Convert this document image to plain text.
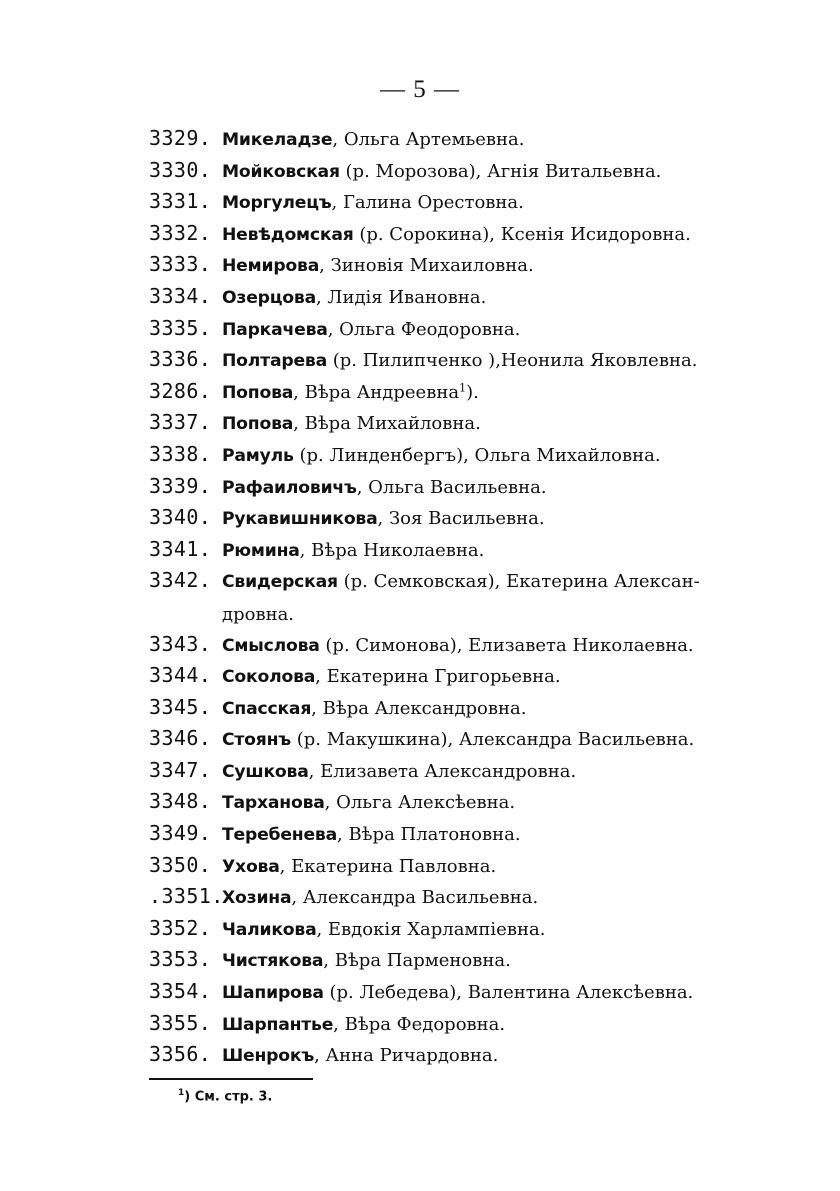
— 5 —
3329. Микеладзе, Ольга Артемьевна.
3330. Мойковская (р. Морозова), Агнія Витальевна.
3331. Моргулецъ, Галина Орестовна.
3332. Невѣдомская (р. Сорокина), Ксенія Исидоровна.
3333. Немирова, Зиновія Михаиловна.
3334. Озерцова, Лидія Ивановна.
3335. Паркачева, Ольга Феодоровна.
3336. Полтарева (р. Пилипченко ),Неонила Яковлевна.
3286. Попова, Вѣра Андреевна$^1$).
3337. Попова, Вѣра Михайловна.
3338. Рамуль (р. Линденбергъ), Ольга Михайловна.
3339. Рафаиловичъ, Ольга Васильевна.
3340. Рукавишникова, Зоя Васильевна.
3341. Рюмина, Вѣра Николаевна.
3342. Свидерская (р. Семковская), Екатерина Алексан-
дровна.
3343. Смыслова (р. Симонова), Елизавета Николаевна.
3344. Соколова, Екатерина Григорьевна.
3345. Спасская, Вѣра Александровна.
3346. Стоянъ (р. Макушкина), Александра Васильевна.
3347. Сушкова, Елизавета Александровна.
3348. Тарханова, Ольга Алексѣевна.
3349. Теребенева, Вѣра Платоновна.
3350. Ухова, Екатерина Павловна.
.3351.Хозина, Александра Васильевна.
3352. Чаликова, Евдокія Харлампіевна.
3353. Чистякова, Вѣра Парменовна.
3354. Шапирова (р. Лебедева), Валентина Алексѣевна.
3355. Шарпантье, Вѣра Федоровна.
3356. Шенрокъ, Анна Ричардовна.
$^1$) См. стр. 3.
